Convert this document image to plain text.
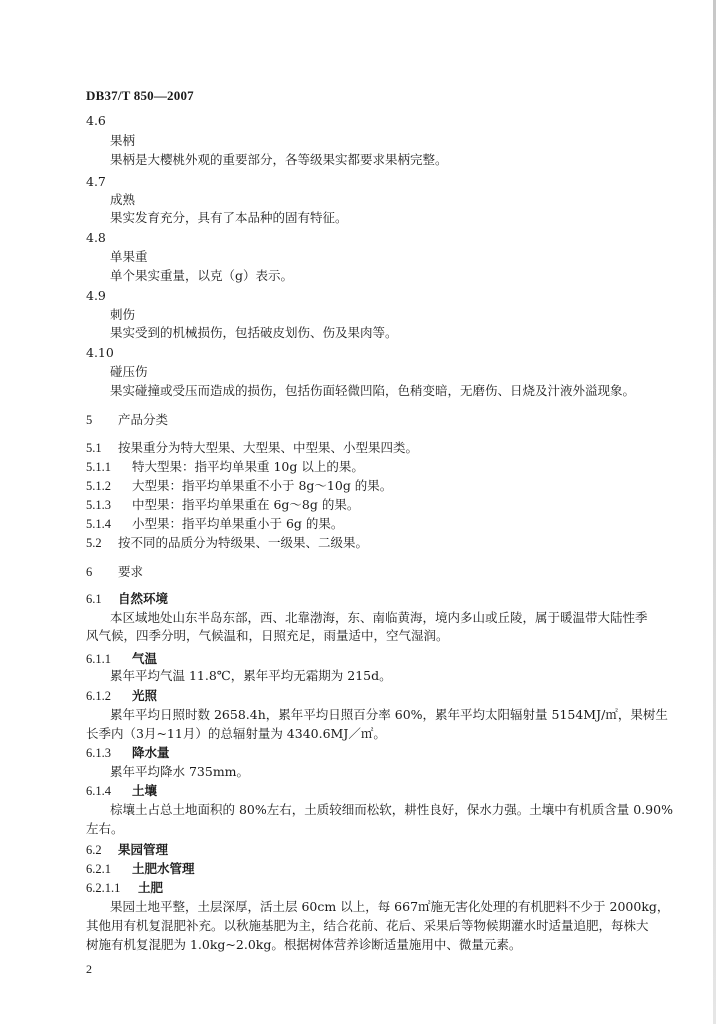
DB37/T 850—2007
4.6
果柄
果柄是大樱桃外观的重要部分，各等级果实都要求果柄完整。
4.7
成熟
果实发育充分，具有了本品种的固有特征。
4.8
单果重
单个果实重量，以克（g）表示。
4.9
刺伤
果实受到的机械损伤，包括破皮划伤、伤及果肉等。
4.10
碰压伤
果实碰撞或受压而造成的损伤，包括伤面轻微凹陷，色稍变暗，无磨伤、日烧及汁液外溢现象。
5 产品分类
5.1 按果重分为特大型果、大型果、中型果、小型果四类。
5.1.1 特大型果：指平均单果重 10g 以上的果。
5.1.2 大型果：指平均单果重不小于 8g～10g 的果。
5.1.3 中型果：指平均单果重在 6g～8g 的果。
5.1.4 小型果：指平均单果重小于 6g 的果。
5.2 按不同的品质分为特级果、一级果、二级果。
6 要求
6.1 自然环境
本区域地处山东半岛东部，西、北靠渤海，东、南临黄海，境内多山或丘陵，属于暖温带大陆性季
风气候，四季分明，气候温和，日照充足，雨量适中，空气湿润。
6.1.1 气温
累年平均气温 11.8℃，累年平均无霜期为 215d。
6.1.2 光照
累年平均日照时数 2658.4h，累年平均日照百分率 60%，累年平均太阳辐射量 5154MJ/㎡，果树生
长季内（3月~11月）的总辐射量为 4340.6MJ／㎡。
6.1.3 降水量
累年平均降水 735mm。
6.1.4 土壤
棕壤土占总土地面积的 80%左右，土质较细而松软，耕性良好，保水力强。土壤中有机质含量 0.90%
左右。
6.2 果园管理
6.2.1 土肥水管理
6.2.1.1 土肥
果园土地平整，土层深厚，活土层 60cm 以上，每 667㎡施无害化处理的有机肥料不少于 2000kg，
其他用有机复混肥补充。以秋施基肥为主，结合花前、花后、采果后等物候期灌水时适量追肥，每株大
树施有机复混肥为 1.0kg~2.0kg。根据树体营养诊断适量施用中、微量元素。
2
